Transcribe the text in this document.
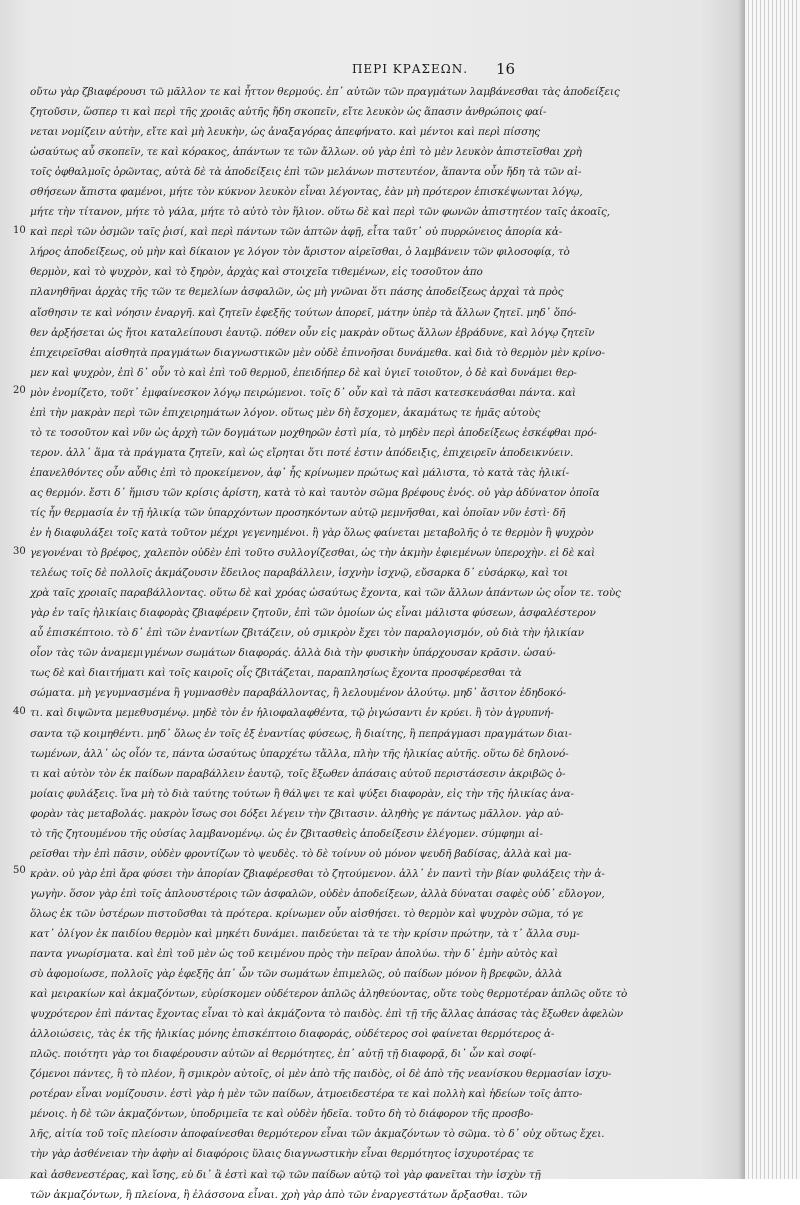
ΠΕΡΙ ΚΡΑΣΕΩΝ.	16
οὔτω γὰρ ζβιαφέρουσι τῶ μᾶλλον τε καὶ ἧττον θερμούς. ἐπ᾽ αὐτῶν τῶν πραγμάτων λαμβάνεσθαι τὰς ἀποδείξεις
ζητοῦσιν, ὥσπερ τι καὶ περὶ τῆς χροιᾶς αὐτῆς ἤδη σκοπεῖν, εἴτε λευκὸν ὡς ἅπασιν ἀνθρώποις φαί-
νεται νομίζειν αὐτὴν, εἴτε καὶ μὴ λευκὴν, ὡς ἀναξαγόρας ἀπεφήνατο. καὶ μέντοι καὶ περὶ πίσσης
ὡσαύτως αὖ σκοπεῖν, τε καὶ κόρακος, ἀπάντων τε τῶν ἄλλων. οὐ γὰρ ἐπὶ τὸ μὲν λευκὸν ἀπιστεῖσθαι χρὴ
τοῖς ὀφθαλμοῖς ὁρῶντας, αὐτὰ δὲ τὰ ἀποδείξεις ἐπὶ τῶν μελάνων πιστευτέον, ἅπαντα οὖν ἤδη τὰ τῶν αἰ-
σθήσεων ἄπιστα φαμένοι, μήτε τὸν κύκνον λευκὸν εἶναι λέγοντας, ἐὰν μὴ πρότερον ἐπισκέψωνται λόγῳ,
μήτε τὴν τίτανον, μήτε τὸ γάλα, μήτε τὸ αὐτὸ τὸν ἥλιον. οὕτω δὲ καὶ περὶ τῶν φωνῶν ἀπιστητέον ταῖς ἀκοαῖς,
καὶ περὶ τῶν ὀσμῶν ταῖς ῥισί, καὶ περὶ πάντων τῶν ἁπτῶν ἁφῇ, εἶτα ταῦτ᾽ οὐ πυρρώνειος ἀπορία κἀ-
λήρος ἀποδείξεως, οὐ μὴν καὶ δίκαιον γε λόγον τὸν ἄριστον αἱρεῖσθαι, ὁ λαμβάνειν τῶν φιλοσοφίᾳ, τὸ
θερμὸν, καὶ τὸ ψυχρὸν, καὶ τὸ ξηρὸν, ἀρχὰς καὶ στοιχεῖα τιθεμένων, εἰς τοσοῦτον ἀπο
πλανηθῆναι ἀρχὰς τῆς τῶν τε θεμελίων ἀσφαλῶν, ὡς μὴ γνῶναι ὅτι πάσης ἀποδείξεως ἀρχαὶ τὰ πρὸς
αἴσθησιν τε καὶ νόησιν ἐναργῆ. καὶ ζητεῖν ἐφεξῆς τούτων ἀπορεῖ, μάτην ὑπὲρ τὰ ἄλλων ζητεῖ. μηδ᾽ ὅπό-
θεν ἀρξήσεται ὡς ἤτοι καταλείπουσι ἑαυτῷ. πόθεν οὖν εἰς μακρὰν οὕτως ἄλλων ἐβράδυνε, καὶ λόγῳ ζητεῖν
ἐπιχειρεῖσθαι αἰσθητὰ πραγμάτων διαγνωστικῶν μὲν οὐδὲ ἐπινοῆσαι δυνάμεθα. καὶ διὰ τὸ θερμὸν μὲν κρίνο-
μεν καὶ ψυχρὸν, ἐπὶ δ᾽ οὖν τὸ καὶ ἐπὶ τοῦ θερμοῦ, ἐπειδήπερ δὲ καὶ ὑγιεῖ τοιοῦτον, ὁ δὲ καὶ δυνάμει θερ-
μὸν ἐνομίζετο, τοῦτ᾽ ἐμφαίνεσκον λόγῳ πειρώμενοι. τοῖς δ᾽ οὖν καὶ τὰ πᾶσι κατεσκευάσθαι πάντα. καὶ
ἐπὶ τὴν μακρὰν περὶ τῶν ἐπιχειρημάτων λόγον. οὕτως μὲν δὴ ἔσχομεν, ἀκαμάτως τε ἡμᾶς αὐτοὺς
τὸ τε τοσοῦτον καὶ νῦν ὡς ἀρχὴ τῶν δογμάτων μοχθηρῶν ἐστὶ μία, τὸ μηδὲν περὶ ἀποδείξεως ἐσκέφθαι πρό-
τερον. ἀλλ᾽ ἅμα τὰ πράγματα ζητεῖν, καὶ ὡς εἴρηται ὅτι ποτέ ἐστιν ἀπόδειξις, ἐπιχειρεῖν ἀποδεικνύειν.
ἐπανελθόντες οὖν αὖθις ἐπὶ τὸ προκείμενον, ἀφ᾽ ἧς κρίνωμεν πρώτως καὶ μάλιστα, τὸ κατὰ τὰς ἡλικί-
ας θερμόν. ἔστι δ᾽ ἥμισυ τῶν κρίσις ἀρίστη, κατὰ τὸ καὶ ταυτὸν σῶμα βρέφους ἐνός. οὐ γὰρ ἀδύνατον ὁποῖα
τίς ἦν θερμασία ἐν τῇ ἡλικίᾳ τῶν ὑπαρχόντων προσηκόντων αὐτῷ μεμνῆσθαι, καὶ ὁποῖαν νῦν ἐστὶ· δῆ
ἐν ἡ διαφυλάξει τοῖς κατὰ τοῦτον μέχρι γεγενημένοι. ἢ γὰρ ὅλως φαίνεται μεταβολῆς ὁ τε θερμὸν ἢ ψυχρὸν
γεγονέναι τὸ βρέφος, χαλεπὸν οὐδὲν ἐπὶ τοῦτο συλλογίζεσθαι, ὡς τὴν ἀκμὴν ἐφιεμένων ὑπεροχὴν. εἰ δὲ καὶ
τελέως τοῖς δὲ πολλοῖς ἀκμάζουσιν ἔδειλος παραβάλλειν, ἰσχνὴν ἰσχνῷ, εὔσαρκα δ᾽ εὐσάρκῳ, καὶ τοι
χρὰ ταῖς χροιαῖς παραβάλλοντας. οὕτω δὲ καὶ χρόας ὡσαύτως ἔχοντα, καὶ τῶν ἄλλων ἁπάντων ὡς οἷον τε. τοὺς
γὰρ ἐν ταῖς ἡλικίαις διαφορὰς ζβιαφέρειν ζητοῦν, ἐπὶ τῶν ὁμοίων ὡς εἶναι μάλιστα φύσεων, ἀσφαλέστερον
αὖ ἐπισκέπτοιο. τὸ δ᾽ ἐπὶ τῶν ἐναντίων ζβιτάζειν, οὐ σμικρὸν ἔχει τὸν παραλογισμόν, οὐ διὰ τὴν ἡλικίαν
οἷον τὰς τῶν ἀναμεμιγμένων σωμάτων διαφοράς. ἀλλὰ διὰ τὴν φυσικὴν ὑπάρχουσαν κρᾶσιν. ὡσαύ-
τως δὲ καὶ διαιτήματι καὶ τοῖς καιροῖς οἷς ζβιτάζεται, παραπλησίως ἔχοντα προσφέρεσθαι τὰ
σώματα. μὴ γεγυμνασμένα ἢ γυμνασθὲν παραβάλλοντας, ἢ λελουμένον ἀλούτῳ. μηδ᾽ ἄσιτον ἐδηδοκό-
τι. καὶ διψῶντα μεμεθυσμένῳ. μηδὲ τὸν ἐν ἡλιοφαλαφθέντα, τῷ ῥιγώσαντι ἐν κρύει. ἢ τὸν ἀγρυπνή-
σαντα τῷ κοιμηθέντι. μηδ᾽ ὅλως ἐν τοῖς ἐξ ἐναντίας φύσεως, ἢ διαίτης, ἢ πεπράγμασι πραγμάτων διαι-
τωμένων, ἀλλ᾽ ὡς οἷόν τε, πάντα ὡσαύτως ὑπαρχέτω τἄλλα, πλὴν τῆς ἡλικίας αὐτῆς. οὕτω δὲ δηλονό-
τι καὶ αὐτὸν τὸν ἐκ παίδων παραβάλλειν ἑαυτῷ, τοῖς ἔξωθεν ἁπάσαις αὐτοῦ περιστάσεσιν ἀκριβῶς ὁ-
μοίαις φυλάξεις. ἵνα μὴ τὸ διὰ ταύτης τούτων ἢ θάλψει τε καὶ ψύξει διαφορὰν, εἰς τὴν τῆς ἡλικίας ἀνα-
φορὰν τὰς μεταβολάς. μακρὸν ἴσως σοι δόξει λέγειν τὴν ζβιτασιν. ἀληθὴς γε πάντως μᾶλλον. γὰρ αὐ-
τὸ τῆς ζητουμένου τῆς οὐσίας λαμβανομένῳ. ὡς ἐν ζβιτασθεὶς ἀποδείξεσιν ἐλέγομεν. σύμφημι αἱ-
ρεῖσθαι τὴν ἐπὶ πᾶσιν, οὐδὲν φροντίζων τὸ ψευδὲς. τὸ δὲ τοίνυν οὐ μόνον ψευδῆ βαδίσας, ἀλλὰ καὶ μα-
κρὰν. οὐ γὰρ ἐπὶ ἄρα φύσει τὴν ἀπορίαν ζβιαφέρεσθαι τὸ ζητούμενον. ἀλλ᾽ ἐν παντὶ τὴν βίαν φυλάξεις τὴν ἀ-
γωγὴν. ὅσον γὰρ ἐπὶ τοῖς ἀπλουστέροις τῶν ἀσφαλῶν, οὐδὲν ἀποδείξεων, ἀλλὰ δύναται σαφὲς οὐδ᾽ εὔλογον,
ὅλως ἐκ τῶν ὑστέρων πιστοῦσθαι τὰ πρότερα. κρίνωμεν οὖν αἰσθήσει. τὸ θερμὸν καὶ ψυχρὸν σῶμα, τό γε
κατ᾽ ὀλίγον ἐκ παιδίου θερμὸν καὶ μηκέτι δυνάμει. παιδεύεται τὰ τε τὴν κρίσιν πρώτην, τὰ τ᾽ ἄλλα συμ-
παντα γνωρίσματα. καὶ ἐπὶ τοῦ μὲν ὡς τοῦ κειμένου πρὸς τὴν πεῖραν ἀπολύω. τὴν δ᾽ ἐμὴν αὐτὸς καὶ
σὺ ἀφομοίωσε, πολλοῖς γὰρ ἐφεξῆς ἀπ᾽ ὧν τῶν σωμάτων ἐπιμελῶς, οὐ παίδων μόνον ἢ βρεφῶν, ἀλλὰ
καὶ μειρακίων καὶ ἀκμαζόντων, εὑρίσκομεν οὐδέτερον ἁπλῶς ἀληθεύοντας, οὔτε τοὺς θερμοτέραν ἁπλῶς οὔτε τὸ
ψυχρότερον ἐπὶ πάντας ἔχοντας εἶναι τὸ καὶ ἀκμάζοντα τὸ παιδὸς. ἐπὶ τῇ τῆς ἄλλας ἁπάσας τὰς ἔξωθεν ἀφελὼν
ἀλλοιώσεις, τὰς ἐκ τῆς ἡλικίας μόνης ἐπισκέπτοιο διαφοράς, οὐδέτερος σοὶ φαίνεται θερμότερος ἁ-
πλῶς. ποιότητι γὰρ τοι διαφέρουσιν αὐτῶν αἱ θερμότητες, ἐπ᾽ αὐτῇ τῇ διαφορᾷ, δι᾽ ὧν καὶ σοφί-
ζόμενοι πάντες, ἢ τὸ πλέον, ἢ σμικρὸν αὐτοῖς, οἱ μὲν ἀπὸ τῆς παιδὸς, οἱ δὲ ἀπὸ τῆς νεανίσκου θερμασίαν ἰσχυ-
ροτέραν εἶναι νομίζουσιν. ἐστὶ γὰρ ἡ μὲν τῶν παίδων, ἀτμοειδεστέρα τε καὶ πολλὴ καὶ ἡδείων τοῖς ἁπτο-
μένοις. ἡ δὲ τῶν ἀκμαζόντων, ὑποδριμεῖα τε καὶ οὐδὲν ἡδεῖα. τοῦτο δὴ τὸ διάφορον τῆς προσβο-
λῆς, αἰτία τοῦ τοῖς πλείοσιν ἀποφαίνεσθαι θερμότερον εἶναι τῶν ἀκμαζόντων τὸ σῶμα. τὸ δ᾽ οὐχ οὕτως ἔχει.
τὴν γὰρ ἀσθένειαν τὴν ἁφὴν αἱ διαφόροις ὕλαις διαγνωστικὴν εἶναι θερμότητος ἰσχυροτέρας τε
καὶ ἀσθενεστέρας, καὶ ἴσης, εὑ δι᾽ ἃ ἐστὶ καὶ τῷ τῶν παίδων αὐτῷ τοὶ γὰρ φανεῖται τὴν ἰσχὺν τῇ
τῶν ἀκμαζόντων, ἢ πλείονα, ἢ ἐλάσσονα εἶναι. χρὴ γὰρ ἀπὸ τῶν ἐναργεστάτων ἄρξασθαι. τῶν
10
20
30
40
50
